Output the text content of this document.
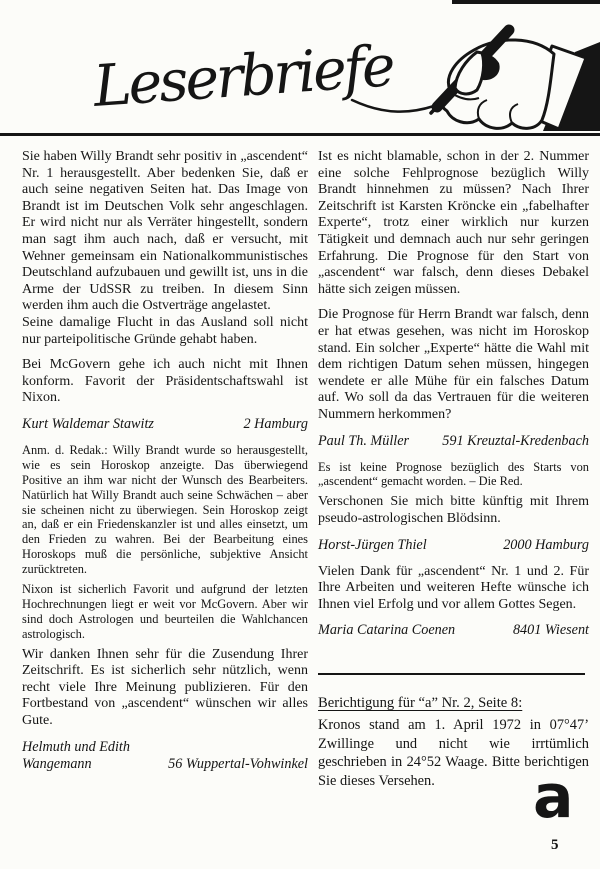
Leserbriefe

Sie haben Willy Brandt sehr positiv in „ascendent“ Nr. 1 herausgestellt. Aber bedenken Sie, daß er auch seine negativen Seiten hat. Das Image von Brandt ist im Deutschen Volk sehr angeschlagen. Er wird nicht nur als Verräter hingestellt, sondern man sagt ihm auch nach, daß er versucht, mit Wehner gemeinsam ein Nationalkommunistisches Deutschland aufzubauen und gewillt ist, uns in die Arme der UdSSR zu treiben. In diesem Sinn werden ihm auch die Ostverträge angelastet.

Seine damalige Flucht in das Ausland soll nicht nur parteipolitische Gründe gehabt haben.

Bei McGovern gehe ich auch nicht mit Ihnen konform. Favorit der Präsidentschaftswahl ist Nixon.

Kurt Waldemar Stawitz	2 Hamburg

Anm. d. Redak.: Willy Brandt wurde so herausgestellt, wie es sein Horoskop anzeigte. Das überwiegend Positive an ihm war nicht der Wunsch des Bearbeiters. Natürlich hat Willy Brandt auch seine Schwächen – aber sie scheinen nicht zu überwiegen. Sein Horoskop zeigt an, daß er ein Friedenskanzler ist und alles einsetzt, um den Frieden zu wahren. Bei der Bearbeitung eines Horoskops muß die persönliche, subjektive Ansicht zurücktreten.

Nixon ist sicherlich Favorit und aufgrund der letzten Hochrechnungen liegt er weit vor McGovern. Aber wir sind doch Astrologen und beurteilen die Wahlchancen astrologisch.

Wir danken Ihnen sehr für die Zusendung Ihrer Zeitschrift. Es ist sicherlich sehr nützlich, wenn recht viele Ihre Meinung publizieren. Für den Fortbestand von „ascendent“ wünschen wir alles Gute.

Helmuth und Edith
Wangemann	56 Wuppertal-Vohwinkel

Ist es nicht blamable, schon in der 2. Nummer eine solche Fehlprognose bezüglich Willy Brandt hinnehmen zu müssen? Nach Ihrer Zeitschrift ist Karsten Kröncke ein „fabelhafter Experte“, trotz einer wirklich nur kurzen Tätigkeit und demnach auch nur sehr geringen Erfahrung. Die Prognose für den Start von „ascendent“ war falsch, denn dieses Debakel hätte sich zeigen müssen.

Die Prognose für Herrn Brandt war falsch, denn er hat etwas gesehen, was nicht im Horoskop stand. Ein solcher „Experte“ hätte die Wahl mit dem richtigen Datum sehen müssen, hingegen wendete er alle Mühe für ein falsches Datum auf. Wo soll da das Vertrauen für die weiteren Nummern herkommen?

Paul Th. Müller 591 Kreuztal-Kredenbach

Es ist keine Prognose bezüglich des Starts von „ascendent“ gemacht worden. – Die Red.

Verschonen Sie mich bitte künftig mit Ihrem pseudo-astrologischen Blödsinn.

Horst-Jürgen Thiel	2000 Hamburg

Vielen Dank für „ascendent“ Nr. 1 und 2. Für Ihre Arbeiten und weiteren Hefte wünsche ich Ihnen viel Erfolg und vor allem Gottes Segen.

Maria Catarina Coenen	8401 Wiesent

Berichtigung für “a” Nr. 2, Seite 8:

Kronos stand am 1. April 1972 in 07°47’ Zwillinge und nicht wie irrtümlich geschrieben in 24°52 Waage. Bitte berichtigen Sie dieses Versehen.	a
5
